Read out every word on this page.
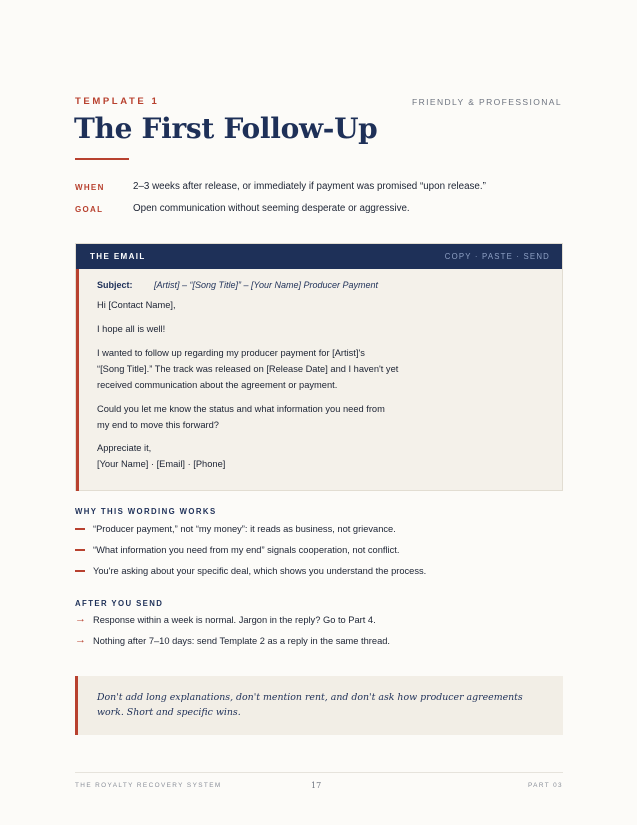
TEMPLATE 1	FRIENDLY & PROFESSIONAL
The First Follow-Up
WHEN	2–3 weeks after release, or immediately if payment was promised “upon release.”
GOAL	Open communication without seeming desperate or aggressive.
THE EMAIL	COPY · PASTE · SEND
Subject: [Artist] – “[Song Title]” – [Your Name] Producer Payment
Hi [Contact Name],
I hope all is well!
I wanted to follow up regarding my producer payment for [Artist]'s
“[Song Title].” The track was released on [Release Date] and I haven't yet
received communication about the agreement or payment.
Could you let me know the status and what information you need from
my end to move this forward?
Appreciate it,
[Your Name] · [Email] · [Phone]
WHY THIS WORDING WORKS
“Producer payment,” not “my money”: it reads as business, not grievance.
“What information you need from my end” signals cooperation, not conflict.
You're asking about your specific deal, which shows you understand the process.
AFTER YOU SEND
→ Response within a week is normal. Jargon in the reply? Go to Part 4.
→ Nothing after 7–10 days: send Template 2 as a reply in the same thread.

Don't add long explanations, don't mention rent, and don't ask how producer agreements work. Short and specific wins.

THE ROYALTY RECOVERY SYSTEM	17	PART 03
